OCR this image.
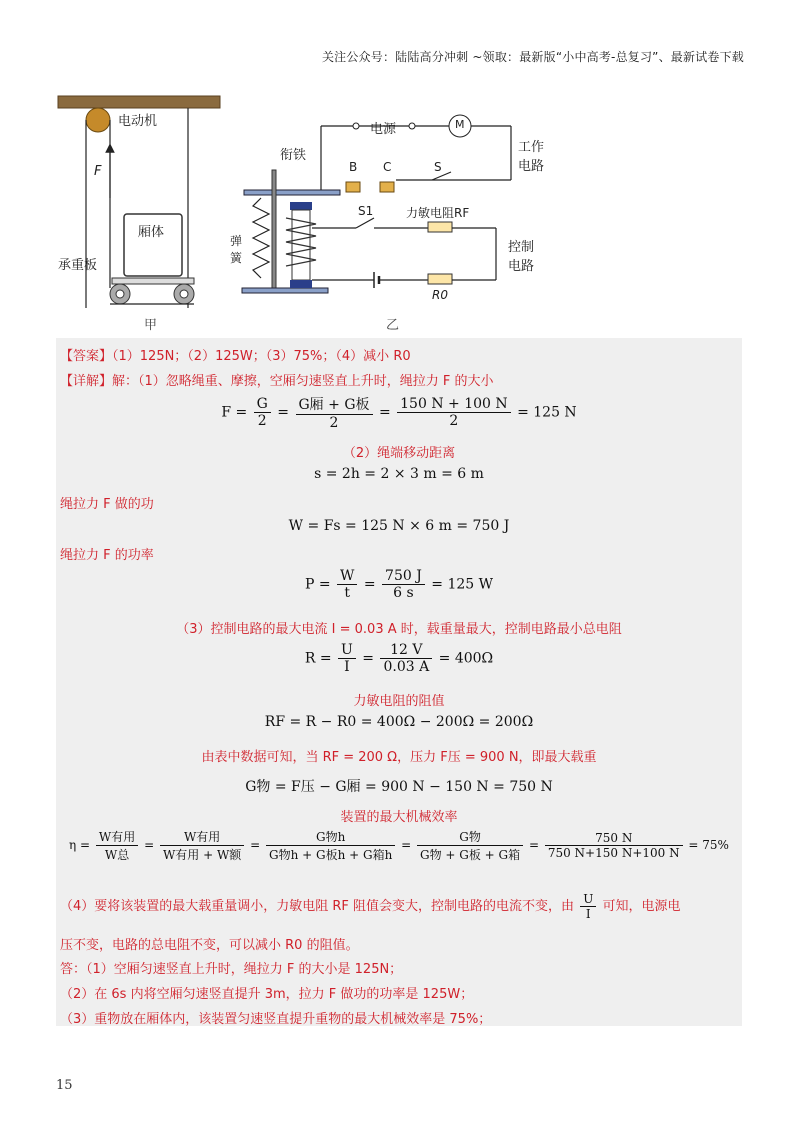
关注公众号：陆陆高分冲刺 ~领取：最新版“小中高考-总复习”、最新试卷下载
电动机
F
厢体
承重板
甲
衔铁
电源	M
B C	S
工作电路
S1	力敏电阻RF
弹簧
控制电路
R0
乙
【答案】（1）125N；（2）125W；（3）75%；（4）减小 R0
【详解】解：（1）忽略绳重、摩擦，空厢匀速竖直上升时，绳拉力 F 的大小
$F = \frac{G}{2} = \frac{\text{G厢 + G板}}{2} = \frac{150 N + 100 N}{2} = 125$ N
（2）绳端移动距离
s = 2h = 2 × 3 m = 6 m
绳拉力 F 做的功
W = Fs = 125 N × 6 m = 750 J
绳拉力 F 的功率
$P = \frac{W}{t} = \frac{750 J}{6 s} = 125$ W
（3）控制电路的最大电流 I = 0.03 A 时，载重量最大，控制电路最小总电阻
$R = \frac{U}{I} = \frac{12 V}{0.03 A} = 400\Omega$
力敏电阻的阻值
RF = R − R0 = 400Ω − 200Ω = 200Ω
由表中数据可知，当 RF = 200 Ω，压力 F压 = 900 N，即最大载重
G物 = F压 − G厢 = 900 N − 150 N = 750 N
装置的最大机械效率
$\eta = \frac{\text{W有用}}{\text{W总}} = \frac{\text{W有用}}{\text{W有用 + W额}} = \frac{\text{G物h}}{\text{G物h + G板h + G箱h}} = \frac{\text{G物}}{\text{G物 + G板 + G箱}} = \frac{750 N}{750 N+150 N+100 N} = 75\%$
（4）要将该装置的最大载重量调小，力敏电阻 RF 阻值会变大，控制电路的电流不变，由 $\frac{U}{I}$ 可知，电源电
压不变，电路的总电阻不变，可以减小 R0 的阻值。
答：（1）空厢匀速竖直上升时，绳拉力 F 的大小是 125N；
（2）在 6s 内将空厢匀速竖直提升 3m，拉力 F 做功的功率是 125W；
（3）重物放在厢体内，该装置匀速竖直提升重物的最大机械效率是 75%；
15
